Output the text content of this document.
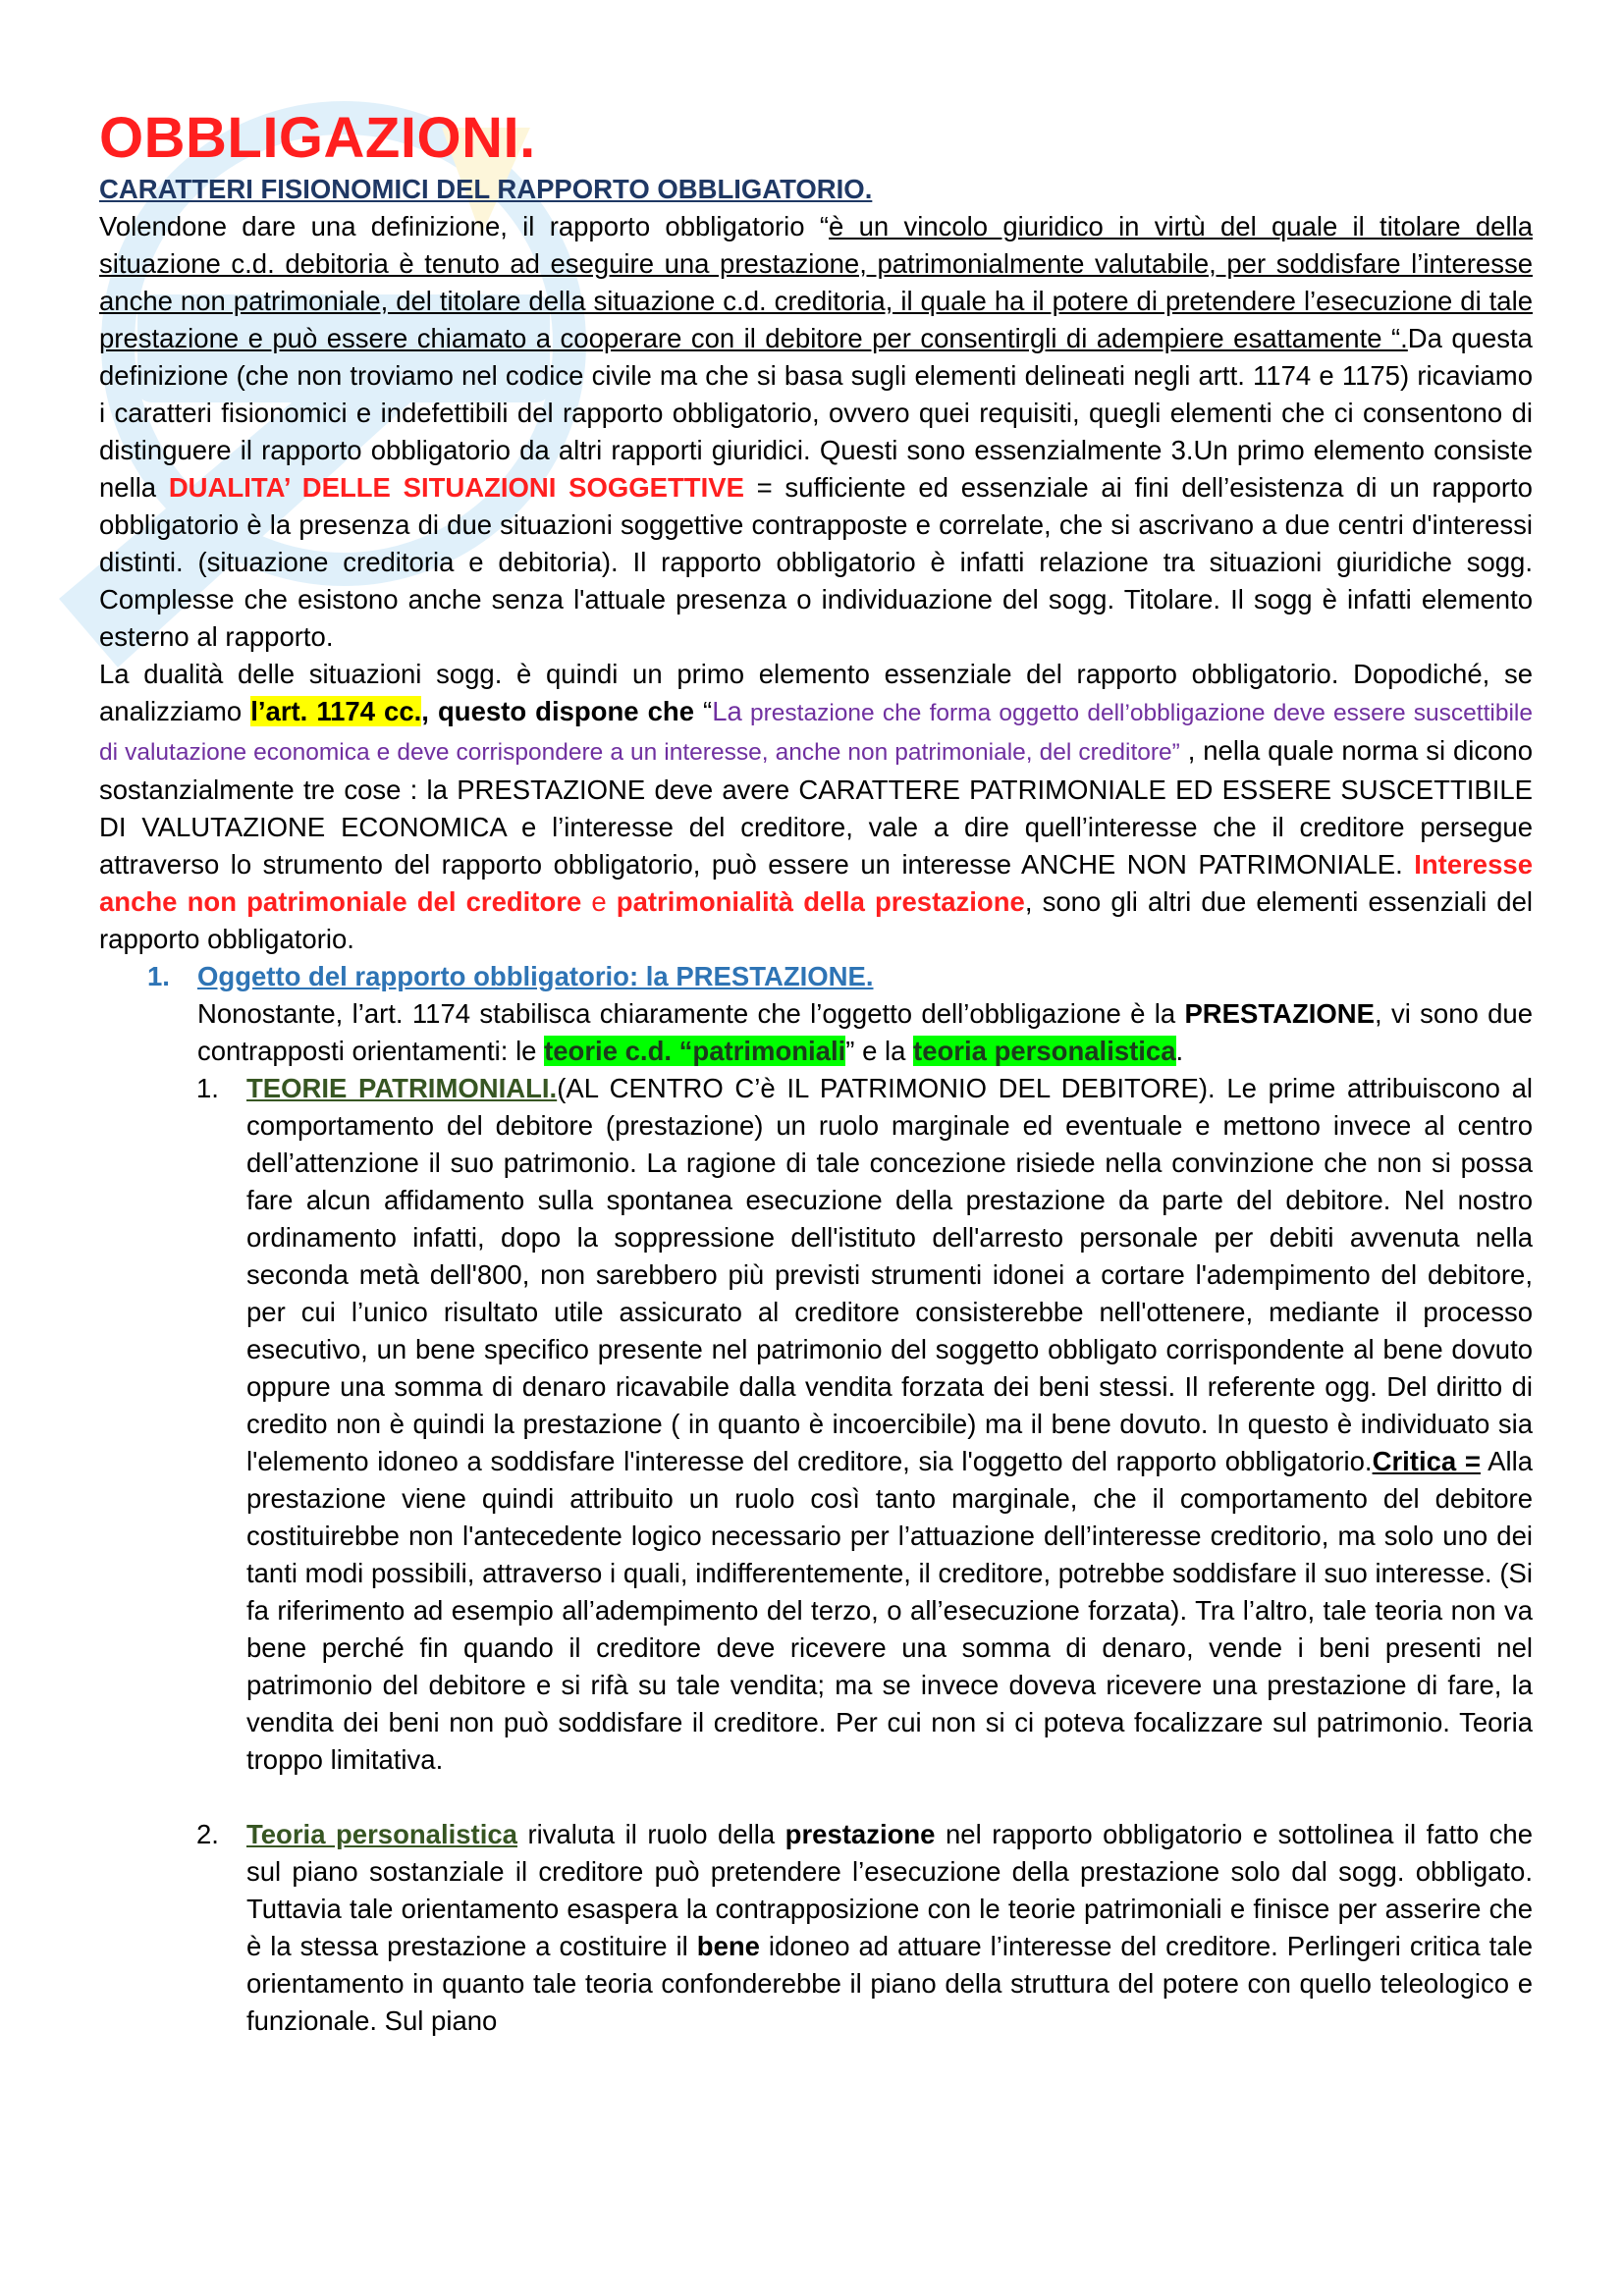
OBBLIGAZIONI.

CARATTERI FISIONOMICI DEL RAPPORTO OBBLIGATORIO.

Volendone dare una definizione, il rapporto obbligatorio “è un vincolo giuridico in virtù del quale il titolare della situazione c.d. debitoria è tenuto ad eseguire una prestazione, patrimonialmente valutabile, per soddisfare l’interesse anche non patrimoniale, del titolare della situazione c.d. creditoria, il quale ha il potere di pretendere l’esecuzione di tale prestazione e può essere chiamato a cooperare con il debitore per consentirgli di adempiere esattamente “.Da questa definizione (che non troviamo nel codice civile ma che si basa sugli elementi delineati negli artt. 1174 e 1175) ricaviamo i caratteri fisionomici e indefettibili del rapporto obbligatorio, ovvero quei requisiti, quegli elementi che ci consentono di distinguere il rapporto obbligatorio da altri rapporti giuridici. Questi sono essenzialmente 3.Un primo elemento consiste nella DUALITA’ DELLE SITUAZIONI SOGGETTIVE = sufficiente ed essenziale ai fini dell’esistenza di un rapporto obbligatorio è la presenza di due situazioni soggettive contrapposte e correlate, che si ascrivano a due centri d'interessi distinti. (situazione creditoria e debitoria). Il rapporto obbligatorio è infatti relazione tra situazioni giuridiche sogg. Complesse che esistono anche senza l'attuale presenza o individuazione del sogg. Titolare. Il sogg è infatti elemento esterno al rapporto.

La dualità delle situazioni sogg. è quindi un primo elemento essenziale del rapporto obbligatorio. Dopodiché, se analizziamo l’art. 1174 cc., questo dispone che “La prestazione che forma oggetto dell’obbligazione deve essere suscettibile di valutazione economica e deve corrispondere a un interesse, anche non patrimoniale, del creditore” , nella quale norma si dicono sostanzialmente tre cose : la PRESTAZIONE deve avere CARATTERE PATRIMONIALE ED ESSERE SUSCETTIBILE DI VALUTAZIONE ECONOMICA e l’interesse del creditore, vale a dire quell’interesse che il creditore persegue attraverso lo strumento del rapporto obbligatorio, può essere un interesse ANCHE NON PATRIMONIALE. Interesse anche non patrimoniale del creditore e patrimonialità della prestazione, sono gli altri due elementi essenziali del rapporto obbligatorio.

1. Oggetto del rapporto obbligatorio: la PRESTAZIONE.

Nonostante, l’art. 1174 stabilisca chiaramente che l’oggetto dell’obbligazione è la PRESTAZIONE, vi sono due contrapposti orientamenti: le teorie c.d. “patrimoniali” e la teoria personalistica.

1. TEORIE PATRIMONIALI.(AL CENTRO C’è IL PATRIMONIO DEL DEBITORE). Le prime attribuiscono al comportamento del debitore (prestazione) un ruolo marginale ed eventuale e mettono invece al centro dell’attenzione il suo patrimonio. La ragione di tale concezione risiede nella convinzione che non si possa fare alcun affidamento sulla spontanea esecuzione della prestazione da parte del debitore. Nel nostro ordinamento infatti, dopo la soppressione dell'istituto dell'arresto personale per debiti avvenuta nella seconda metà dell'800, non sarebbero più previsti strumenti idonei a cortare l'adempimento del debitore, per cui l’unico risultato utile assicurato al creditore consisterebbe nell'ottenere, mediante il processo esecutivo, un bene specifico presente nel patrimonio del soggetto obbligato corrispondente al bene dovuto oppure una somma di denaro ricavabile dalla vendita forzata dei beni stessi. Il referente ogg. Del diritto di credito non è quindi la prestazione ( in quanto è incoercibile) ma il bene dovuto. In questo è individuato sia l'elemento idoneo a soddisfare l'interesse del creditore, sia l'oggetto del rapporto obbligatorio.Critica = Alla prestazione viene quindi attribuito un ruolo così tanto marginale, che il comportamento del debitore costituirebbe non l'antecedente logico necessario per l’attuazione dell’interesse creditorio, ma solo uno dei tanti modi possibili, attraverso i quali, indifferentemente, il creditore, potrebbe soddisfare il suo interesse. (Si fa riferimento ad esempio all’adempimento del terzo, o all’esecuzione forzata). Tra l’altro, tale teoria non va bene perché fin quando il creditore deve ricevere una somma di denaro, vende i beni presenti nel patrimonio del debitore e si rifà su tale vendita; ma se invece doveva ricevere una prestazione di fare, la vendita dei beni non può soddisfare il creditore. Per cui non si ci poteva focalizzare sul patrimonio. Teoria troppo limitativa.

2. Teoria personalistica rivaluta il ruolo della prestazione nel rapporto obbligatorio e sottolinea il fatto che sul piano sostanziale il creditore può pretendere l’esecuzione della prestazione solo dal sogg. obbligato. Tuttavia tale orientamento esaspera la contrapposizione con le teorie patrimoniali e finisce per asserire che è la stessa prestazione a costituire il bene idoneo ad attuare l’interesse del creditore. Perlingeri critica tale orientamento in quanto tale teoria confonderebbe il piano della struttura del potere con quello teleologico e funzionale. Sul piano
